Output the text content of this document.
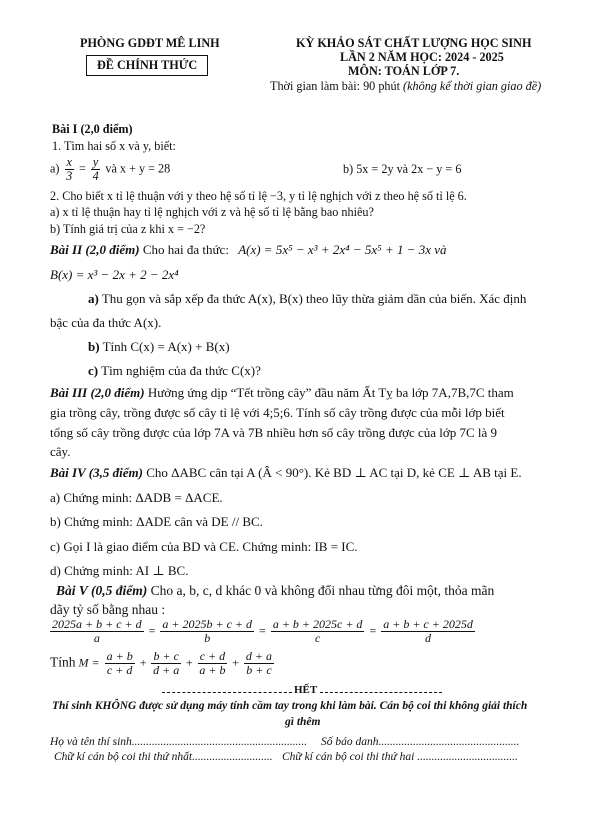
PHÒNG GDĐT MÊ LINH
ĐỀ CHÍNH THỨC
KỲ KHẢO SÁT CHẤT LƯỢNG HỌC SINH
LẦN 2 NĂM HỌC: 2024 - 2025
MÔN: TOÁN LỚP 7.
Thời gian làm bài: 90 phút (không kể thời gian giao đề)
Bài I (2,0 điểm)
1. Tìm hai số x và y, biết:
$a) \frac{x}{3} = \frac{y}{4}$ và x + y = 28	b) 5x = 2y và 2x − y = 6
2. Cho biết x tỉ lệ thuận với y theo hệ số tỉ lệ −3, y tỉ lệ nghịch với z theo hệ số tỉ lệ 6.
a) x tỉ lệ thuận hay tỉ lệ nghịch với z và hệ số tỉ lệ bằng bao nhiêu?
b) Tính giá trị của z khi x = −2?
Bài II (2,0 điểm) Cho hai đa thức: A(x) = 5x⁵ − x³ + 2x⁴ − 5x⁵ + 1 − 3x và
B(x) = x³ − 2x + 2 − 2x⁴
a) Thu gọn và sắp xếp đa thức A(x), B(x) theo lũy thừa giảm dần của biến. Xác định
bậc của đa thức A(x).
b) Tính C(x) = A(x) + B(x)
c) Tìm nghiệm của đa thức C(x)?
Bài III (2,0 điểm) Hưởng ứng dịp “Tết trồng cây” đầu năm Ất Tỵ ba lớp 7A,7B,7C tham
gia trồng cây, trồng được số cây tỉ lệ với 4;5;6. Tính số cây trồng được của mỗi lớp biết
tổng số cây trồng được của lớp 7A và 7B nhiều hơn số cây trồng được của lớp 7C là 9
cây.
Bài IV (3,5 điểm) Cho ΔABC cân tại A (Â < 90°). Kẻ BD ⊥ AC tại D, kẻ CE ⊥ AB tại E.
a) Chứng minh: ΔADB = ΔACE.
b) Chứng minh: ΔADE cân và DE // BC.
c) Gọi I là giao điểm của BD và CE. Chứng minh: IB = IC.
d) Chứng minh: AI ⊥ BC.
Bài V (0,5 điểm) Cho a, b, c, d khác 0 và không đổi nhau từng đôi một, thỏa mãn
dãy tỷ số bằng nhau :
$\frac{2025a + b + c + d}{a} = \frac{a + 2025b + c + d}{b} = \frac{a + b + 2025c + d}{c} = \frac{a + b + c + 2025d}{d}$
Tính $M = \frac{a + b}{c + d} + \frac{b + c}{d + a} + \frac{c + d}{a + b} + \frac{d + a}{b + c}$
HẾT
Thí sinh KHÔNG được sử dụng máy tính cầm tay trong khi làm bài. Cán bộ coi thi không giải thích
gì thêm
Họ và tên thí sinh............................................................. Số báo danh.................................................
Chữ kí cán bộ coi thi thứ nhất............................ Chữ kí cán bộ coi thi thứ hai ...................................
